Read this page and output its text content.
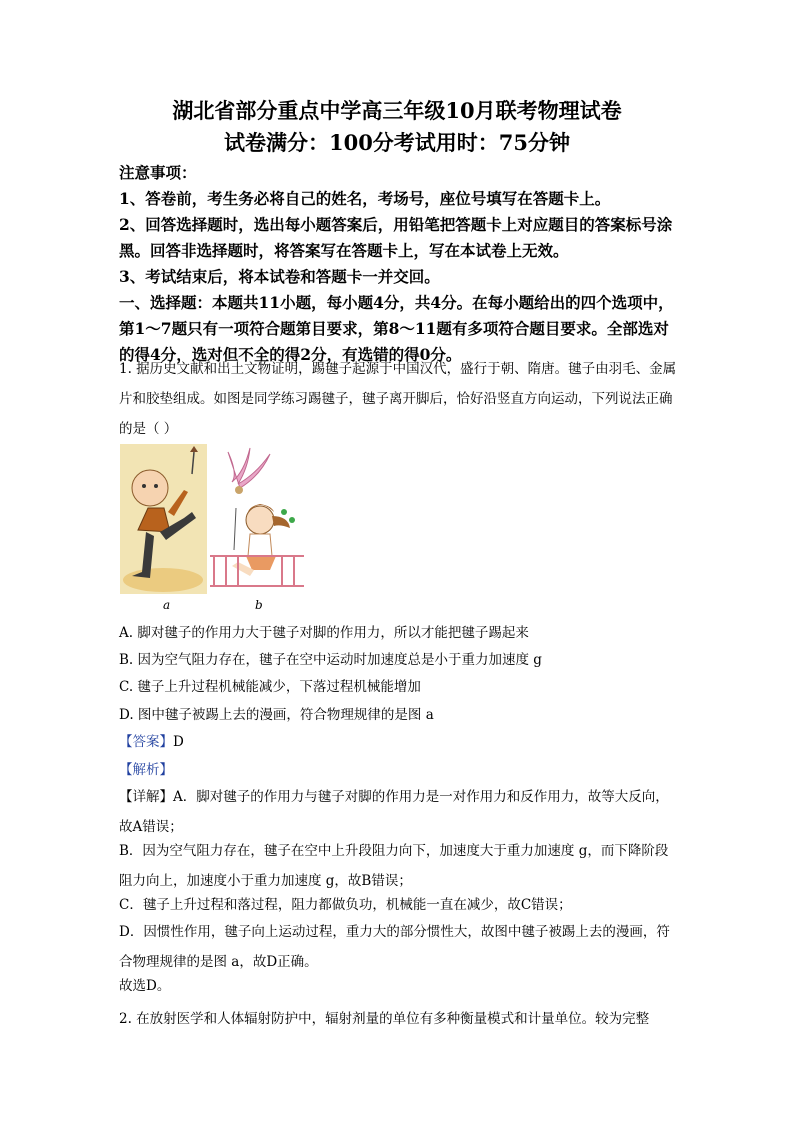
湖北省部分重点中学高三年级10月联考物理试卷
试卷满分：100分考试用时：75分钟

注意事项：

1、答卷前，考生务必将自己的姓名，考场号，座位号填写在答题卡上。

2、回答选择题时，选出每小题答案后，用铅笔把答题卡上对应题目的答案标号涂黑。回答非选择题时，将答案写在答题卡上，写在本试卷上无效。

3、考试结束后，将本试卷和答题卡一并交回。

一、选择题：本题共11小题，每小题4分，共4分。在每小题给出的四个选项中，第1～7题只有一项符合题第目要求，第8～11题有多项符合题目要求。全部选对的得4分，选对但不全的得2分，有选错的得0分。

1. 据历史文献和出土文物证明，踢毽子起源于中国汉代，盛行于朝、隋唐。毽子由羽毛、金属片和胶垫组成。如图是同学练习踢毽子，毽子离开脚后，恰好沿竖直方向运动，下列说法正确的是（ ）

a	b

A. 脚对毽子的作用力大于毽子对脚的作用力，所以才能把毽子踢起来

B. 因为空气阻力存在，毽子在空中运动时加速度总是小于重力加速度 g

C. 毽子上升过程机械能减少，下落过程机械能增加

D. 图中毽子被踢上去的漫画，符合物理规律的是图 a

【答案】D

【解析】

【详解】A．脚对毽子的作用力与毽子对脚的作用力是一对作用力和反作用力，故等大反向，故A错误；

B．因为空气阻力存在，毽子在空中上升段阻力向下，加速度大于重力加速度 g，而下降阶段阻力向上，加速度小于重力加速度 g，故B错误；

C．毽子上升过程和落过程，阻力都做负功，机械能一直在减少，故C错误；

D．因惯性作用，毽子向上运动过程，重力大的部分惯性大，故图中毽子被踢上去的漫画，符合物理规律的是图 a，故D正确。

故选D。

2. 在放射医学和人体辐射防护中，辐射剂量的单位有多种衡量模式和计量单位。较为完整
